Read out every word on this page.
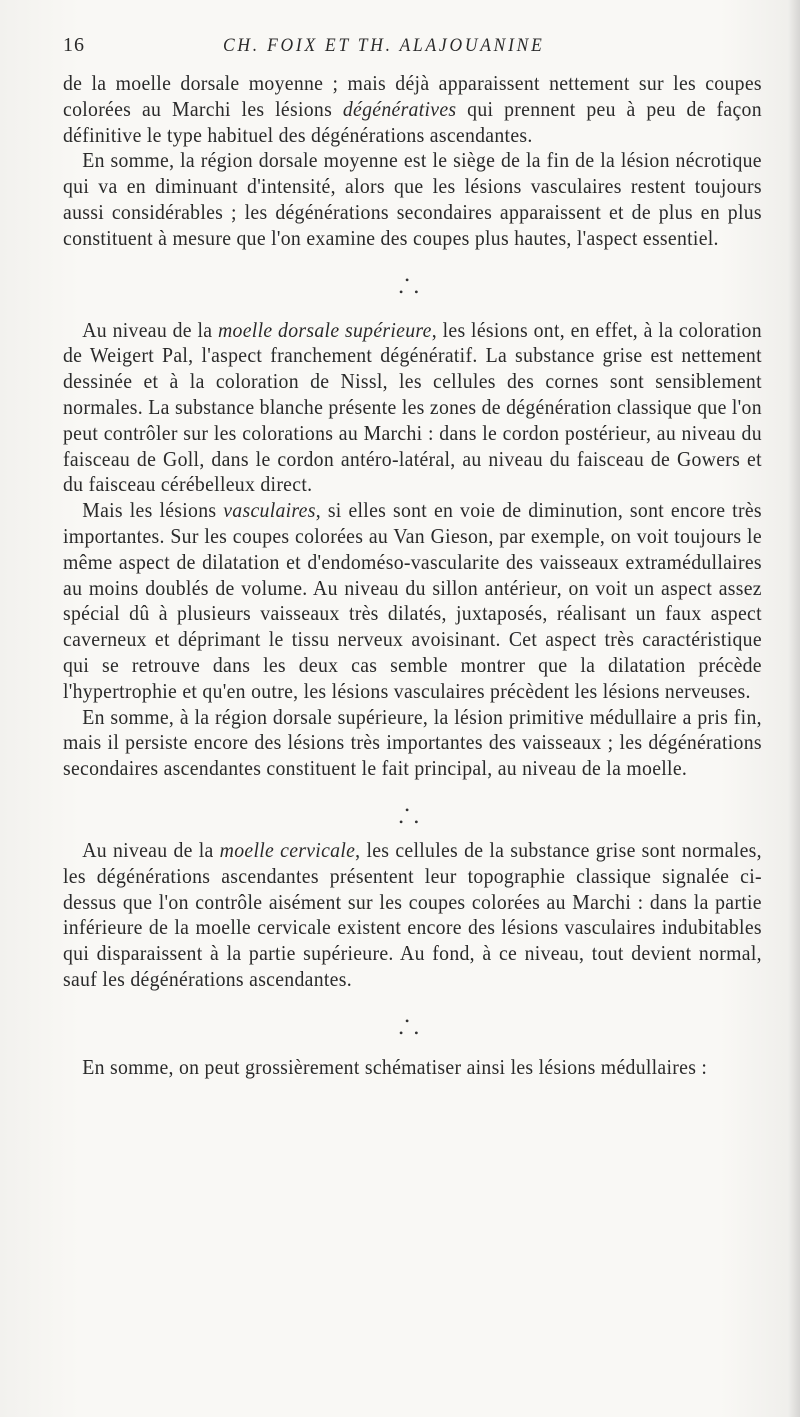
16	CH. FOIX ET TH. ALAJOUANINE

de la moelle dorsale moyenne ; mais déjà apparaissent nettement sur les coupes colorées au Marchi les lésions dégénératives qui prennent peu à peu de façon définitive le type habituel des dégénérations ascendantes.

En somme, la région dorsale moyenne est le siège de la fin de la lésion nécrotique qui va en diminuant d'intensité, alors que les lésions vasculaires restent toujours aussi considérables ; les dégénérations secondaires apparaissent et de plus en plus constituent à mesure que l'on examine des coupes plus hautes, l'aspect essentiel.

•
• •

Au niveau de la moelle dorsale supérieure, les lésions ont, en effet, à la coloration de Weigert Pal, l'aspect franchement dégénératif. La substance grise est nettement dessinée et à la coloration de Nissl, les cellules des cornes sont sensiblement normales. La substance blanche présente les zones de dégénération classique que l'on peut contrôler sur les colorations au Marchi : dans le cordon postérieur, au niveau du faisceau de Goll, dans le cordon antéro-latéral, au niveau du faisceau de Gowers et du faisceau cérébelleux direct.

Mais les lésions vasculaires, si elles sont en voie de diminution, sont encore très importantes. Sur les coupes colorées au Van Gieson, par exemple, on voit toujours le même aspect de dilatation et d'endoméso-vascularite des vaisseaux extramédullaires au moins doublés de volume. Au niveau du sillon antérieur, on voit un aspect assez spécial dû à plusieurs vaisseaux très dilatés, juxtaposés, réalisant un faux aspect caverneux et déprimant le tissu nerveux avoisinant. Cet aspect très caractéristique qui se retrouve dans les deux cas semble montrer que la dilatation précède l'hypertrophie et qu'en outre, les lésions vasculaires précèdent les lésions nerveuses.

En somme, à la région dorsale supérieure, la lésion primitive médullaire a pris fin, mais il persiste encore des lésions très importantes des vaisseaux ; les dégénérations secondaires ascendantes constituent le fait principal, au niveau de la moelle.

•
• •

Au niveau de la moelle cervicale, les cellules de la substance grise sont normales, les dégénérations ascendantes présentent leur topographie classique signalée ci-dessus que l'on contrôle aisément sur les coupes colorées au Marchi : dans la partie inférieure de la moelle cervicale existent encore des lésions vasculaires indubitables qui disparaissent à la partie supérieure. Au fond, à ce niveau, tout devient normal, sauf les dégénérations ascendantes.

•
• •

En somme, on peut grossièrement schématiser ainsi les lésions médullaires :
